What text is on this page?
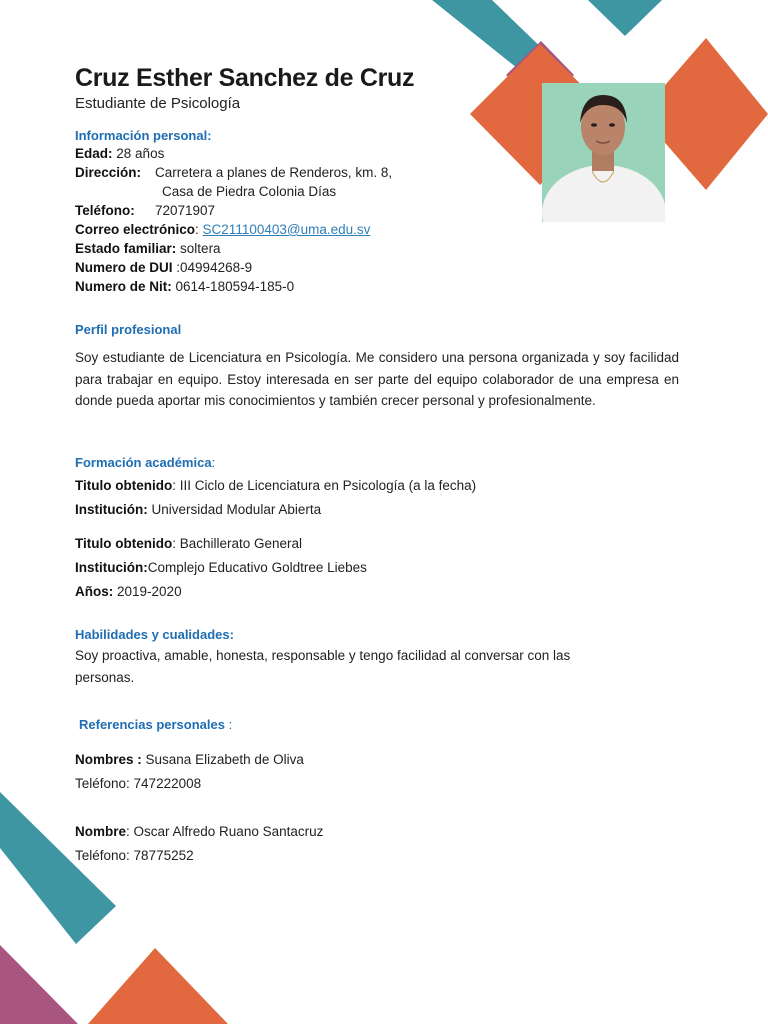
Cruz Esther Sanchez de Cruz
Estudiante de Psicología
Información personal:
Edad: 28 años
Dirección: Carretera a planes de Renderos, km. 8,
Casa de Piedra Colonia Días
Teléfono: 72071907
Correo electrónico: SC211100403@uma.edu.sv
Estado familiar: soltera
Numero de DUI :04994268-9
Numero de Nit: 0614-180594-185-0
Perfil profesional

Soy estudiante de Licenciatura en Psicología. Me considero una persona organizada y soy facilidad para trabajar en equipo. Estoy interesada en ser parte del equipo colaborador de una empresa en donde pueda aportar mis conocimientos y también crecer personal y profesionalmente.

Formación académica:
Titulo obtenido: III Ciclo de Licenciatura en Psicología (a la fecha)
Institución: Universidad Modular Abierta
Titulo obtenido: Bachillerato General
Institución:Complejo Educativo Goldtree Liebes
Años: 2019-2020
Habilidades y cualidades:
Soy proactiva, amable, honesta, responsable y tengo facilidad al conversar con las
personas.
Referencias personales :
Nombres : Susana Elizabeth de Oliva
Teléfono: 747222008
Nombre: Oscar Alfredo Ruano Santacruz
Teléfono: 78775252
